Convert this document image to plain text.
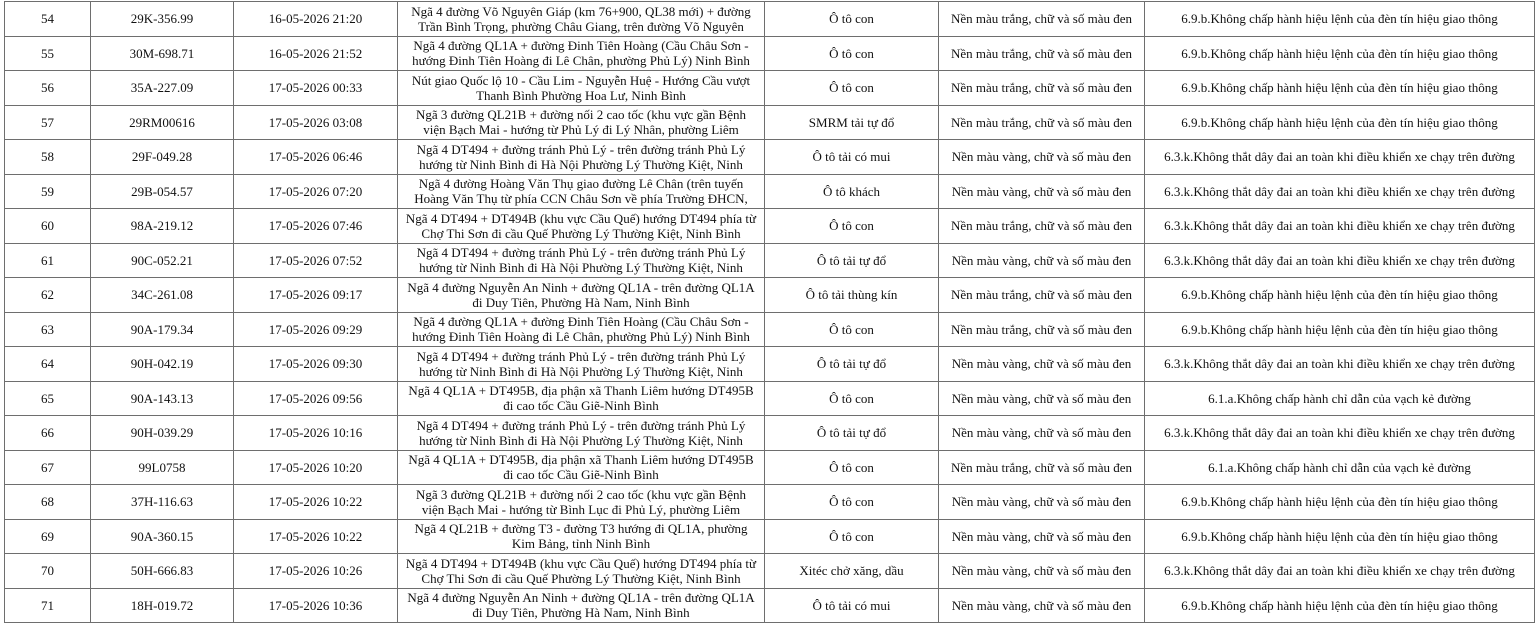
54	29K-356.99	16-05-2026 21:20	Ngã 4 đường Võ Nguyên Giáp (km 76+900, QL38 mới) + đường Trần Bình Trọng, phường Châu Giang, trên đường Võ Nguyên	Ô tô con	Nền màu trắng, chữ và số màu đen	6.9.b.Không chấp hành hiệu lệnh của đèn tín hiệu giao thông
55	30M-698.71	16-05-2026 21:52	Ngã 4 đường QL1A + đường Đinh Tiên Hoàng (Cầu Châu Sơn - hướng Đinh Tiên Hoàng đi Lê Chân, phường Phủ Lý) Ninh Bình	Ô tô con	Nền màu trắng, chữ và số màu đen	6.9.b.Không chấp hành hiệu lệnh của đèn tín hiệu giao thông
56	35A-227.09	17-05-2026 00:33	Nút giao Quốc lộ 10 - Cầu Lim - Nguyễn Huệ - Hướng Cầu vượt Thanh Bình Phường Hoa Lư, Ninh Bình	Ô tô con	Nền màu trắng, chữ và số màu đen	6.9.b.Không chấp hành hiệu lệnh của đèn tín hiệu giao thông
57	29RM00616	17-05-2026 03:08	Ngã 3 đường QL21B + đường nối 2 cao tốc (khu vực gần Bệnh viện Bạch Mai - hướng từ Phủ Lý đi Lý Nhân, phường Liêm	SMRM tải tự đổ	Nền màu trắng, chữ và số màu đen	6.9.b.Không chấp hành hiệu lệnh của đèn tín hiệu giao thông
58	29F-049.28	17-05-2026 06:46	Ngã 4 DT494 + đường tránh Phủ Lý - trên đường tránh Phủ Lý hướng từ Ninh Bình đi Hà Nội Phường Lý Thường Kiệt, Ninh	Ô tô tải có mui	Nền màu vàng, chữ và số màu đen	6.3.k.Không thắt dây đai an toàn khi điều khiển xe chạy trên đường
59	29B-054.57	17-05-2026 07:20	Ngã 4 đường Hoàng Văn Thụ giao đường Lê Chân (trên tuyến Hoàng Văn Thụ từ phía CCN Châu Sơn về phía Trường ĐHCN,	Ô tô khách	Nền màu vàng, chữ và số màu đen	6.3.k.Không thắt dây đai an toàn khi điều khiển xe chạy trên đường
60	98A-219.12	17-05-2026 07:46	Ngã 4 DT494 + DT494B (khu vực Cầu Quế) hướng DT494 phía từ Chợ Thi Sơn đi cầu Quế Phường Lý Thường Kiệt, Ninh Bình	Ô tô con	Nền màu trắng, chữ và số màu đen	6.3.k.Không thắt dây đai an toàn khi điều khiển xe chạy trên đường
61	90C-052.21	17-05-2026 07:52	Ngã 4 DT494 + đường tránh Phủ Lý - trên đường tránh Phủ Lý hướng từ Ninh Bình đi Hà Nội Phường Lý Thường Kiệt, Ninh	Ô tô tải tự đổ	Nền màu vàng, chữ và số màu đen	6.3.k.Không thắt dây đai an toàn khi điều khiển xe chạy trên đường
62	34C-261.08	17-05-2026 09:17	Ngã 4 đường Nguyễn An Ninh + đường QL1A - trên đường QL1A đi Duy Tiên, Phường Hà Nam, Ninh Bình	Ô tô tải thùng kín	Nền màu trắng, chữ và số màu đen	6.9.b.Không chấp hành hiệu lệnh của đèn tín hiệu giao thông
63	90A-179.34	17-05-2026 09:29	Ngã 4 đường QL1A + đường Đinh Tiên Hoàng (Cầu Châu Sơn - hướng Đinh Tiên Hoàng đi Lê Chân, phường Phủ Lý) Ninh Bình	Ô tô con	Nền màu trắng, chữ và số màu đen	6.9.b.Không chấp hành hiệu lệnh của đèn tín hiệu giao thông
64	90H-042.19	17-05-2026 09:30	Ngã 4 DT494 + đường tránh Phủ Lý - trên đường tránh Phủ Lý hướng từ Ninh Bình đi Hà Nội Phường Lý Thường Kiệt, Ninh	Ô tô tải tự đổ	Nền màu vàng, chữ và số màu đen	6.3.k.Không thắt dây đai an toàn khi điều khiển xe chạy trên đường
65	90A-143.13	17-05-2026 09:56	Ngã 4 QL1A + DT495B, địa phận xã Thanh Liêm hướng DT495B đi cao tốc Cầu Giẽ-Ninh Bình	Ô tô con	Nền màu vàng, chữ và số màu đen	6.1.a.Không chấp hành chỉ dẫn của vạch kẻ đường
66	90H-039.29	17-05-2026 10:16	Ngã 4 DT494 + đường tránh Phủ Lý - trên đường tránh Phủ Lý hướng từ Ninh Bình đi Hà Nội Phường Lý Thường Kiệt, Ninh	Ô tô tải tự đổ	Nền màu vàng, chữ và số màu đen	6.3.k.Không thắt dây đai an toàn khi điều khiển xe chạy trên đường
67	99L0758	17-05-2026 10:20	Ngã 4 QL1A + DT495B, địa phận xã Thanh Liêm hướng DT495B đi cao tốc Cầu Giẽ-Ninh Bình	Ô tô con	Nền màu trắng, chữ và số màu đen	6.1.a.Không chấp hành chỉ dẫn của vạch kẻ đường
68	37H-116.63	17-05-2026 10:22	Ngã 3 đường QL21B + đường nối 2 cao tốc (khu vực gần Bệnh viện Bạch Mai - hướng từ Bình Lục đi Phủ Lý, phường Liêm	Ô tô con	Nền màu vàng, chữ và số màu đen	6.9.b.Không chấp hành hiệu lệnh của đèn tín hiệu giao thông
69	90A-360.15	17-05-2026 10:22	Ngã 4 QL21B + đường T3 - đường T3 hướng đi QL1A, phường Kim Bảng, tỉnh Ninh Bình	Ô tô con	Nền màu vàng, chữ và số màu đen	6.9.b.Không chấp hành hiệu lệnh của đèn tín hiệu giao thông
70	50H-666.83	17-05-2026 10:26	Ngã 4 DT494 + DT494B (khu vực Cầu Quế) hướng DT494 phía từ Chợ Thi Sơn đi cầu Quế Phường Lý Thường Kiệt, Ninh Bình	Xitéc chở xăng, dầu	Nền màu vàng, chữ và số màu đen	6.3.k.Không thắt dây đai an toàn khi điều khiển xe chạy trên đường
71	18H-019.72	17-05-2026 10:36	Ngã 4 đường Nguyễn An Ninh + đường QL1A - trên đường QL1A đi Duy Tiên, Phường Hà Nam, Ninh Bình	Ô tô tải có mui	Nền màu vàng, chữ và số màu đen	6.9.b.Không chấp hành hiệu lệnh của đèn tín hiệu giao thông
